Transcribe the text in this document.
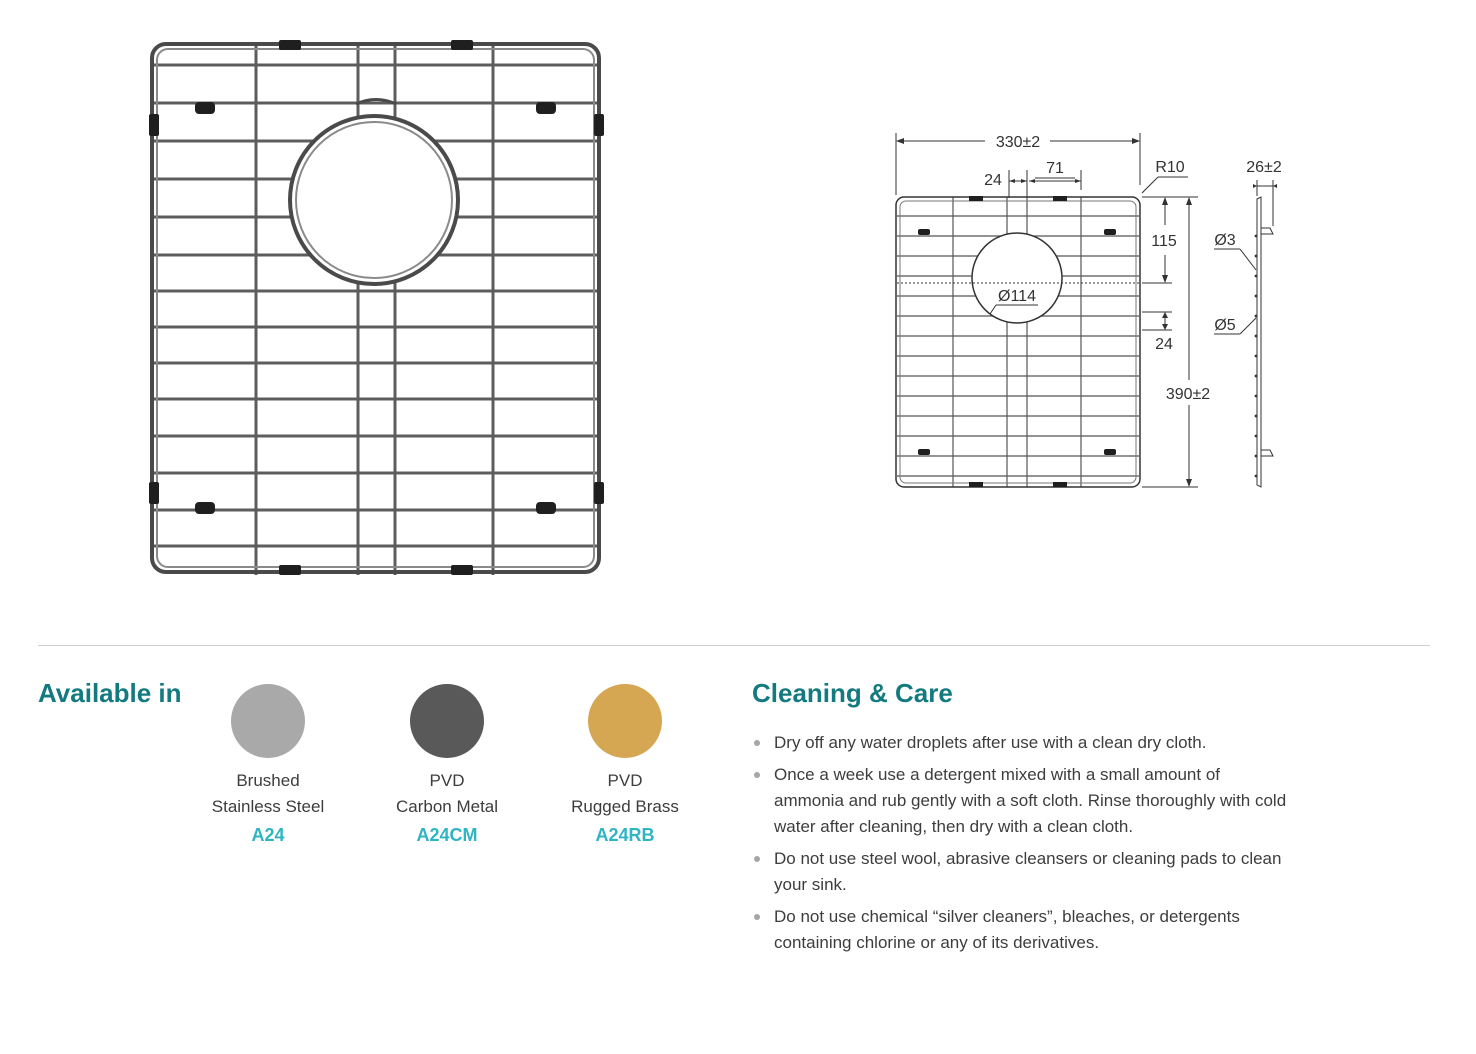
330±2
24
71	R10	26±2
115 Ø3
Ø114
Ø5
24
390±2
Available in
Brushed
Stainless Steel
A24
PVD
Carbon Metal
A24CM
PVD
Rugged Brass
A24RB
Cleaning & Care
Dry off any water droplets after use with a clean dry cloth.
Once a week use a detergent mixed with a small amount of ammonia and rub gently with a soft cloth. Rinse thoroughly with cold water after cleaning, then dry with a clean cloth.
Do not use steel wool, abrasive cleansers or cleaning pads to clean your sink.
Do not use chemical “silver cleaners”, bleaches, or detergents containing chlorine or any of its derivatives.
